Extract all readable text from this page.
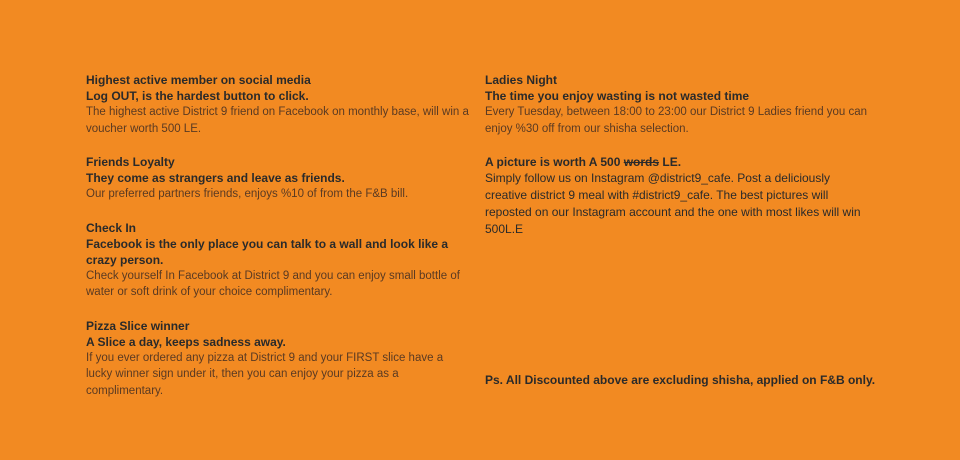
Highest active member on social media

Log OUT, is the hardest button to click.

The highest active District 9 friend on Facebook on monthly base, will win a voucher worth 500 LE.

Friends Loyalty

They come as strangers and leave as friends.

Our preferred partners friends, enjoys %10 of from the F&B bill.

Check In

Facebook is the only place you can talk to a wall and look like a crazy person.

Check yourself In Facebook at District 9 and you can enjoy small bottle of water or soft drink of your choice complimentary.

Pizza Slice winner

A Slice a day, keeps sadness away.

If you ever ordered any pizza at District 9 and your FIRST slice have a lucky winner sign under it, then you can enjoy your pizza as a complimentary.

Ladies Night

The time you enjoy wasting is not wasted time

Every Tuesday, between 18:00 to 23:00 our District 9 Ladies friend you can enjoy %30 off from our shisha selection.

A picture is worth A 500 words LE.

Simply follow us on Instagram @district9_cafe. Post a deliciously creative district 9 meal with #district9_cafe. The best pictures will reposted on our Instagram account and the one with most likes will win 500L.E

Ps. All Discounted above are excluding shisha, applied on F&B only.
